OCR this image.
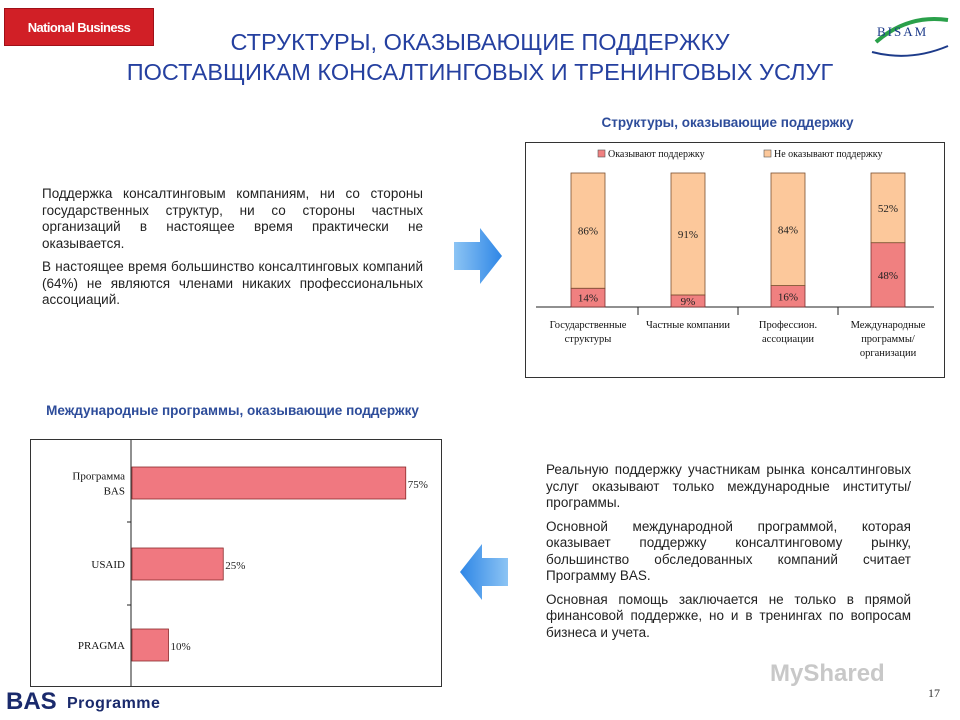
National Business	BISAM
СТРУКТУРЫ, ОКАЗЫВАЮЩИЕ ПОДДЕРЖКУ
ПОСТАВЩИКАМ КОНСАЛТИНГОВЫХ И ТРЕНИНГОВЫХ УСЛУГ

Поддержка консалтинговым компаниям, ни со стороны государственных структур, ни со стороны частных организаций в настоящее время практически не оказывается.

В настоящее время большинство консалтинговых компаний (64%) не являются членами никаких профессиональных ассоциаций.

Структуры, оказывающие поддержку
Оказывают поддержку	Не оказывают поддержку
14%
86%
Государственные
структуры
9%
91%
Частные компании
16%
84%
Профессион.
ассоциации
48%
52%
Международные
программы/
организации
Международные программы, оказывающие поддержку
75%
Программа
BAS
25%
USAID
10%
PRAGMA

Реальную поддержку участникам рынка консалтинговых услуг оказывают только международные институты/программы.

Основной международной программой, которая оказывает поддержку консалтинговому рынку, большинство обследованных компаний считает Программу BAS.

Основная помощь заключается не только в прямой финансовой поддержке, но и в тренингах по вопросам бизнеса и учета.

BAS Programme
MyShared
17
